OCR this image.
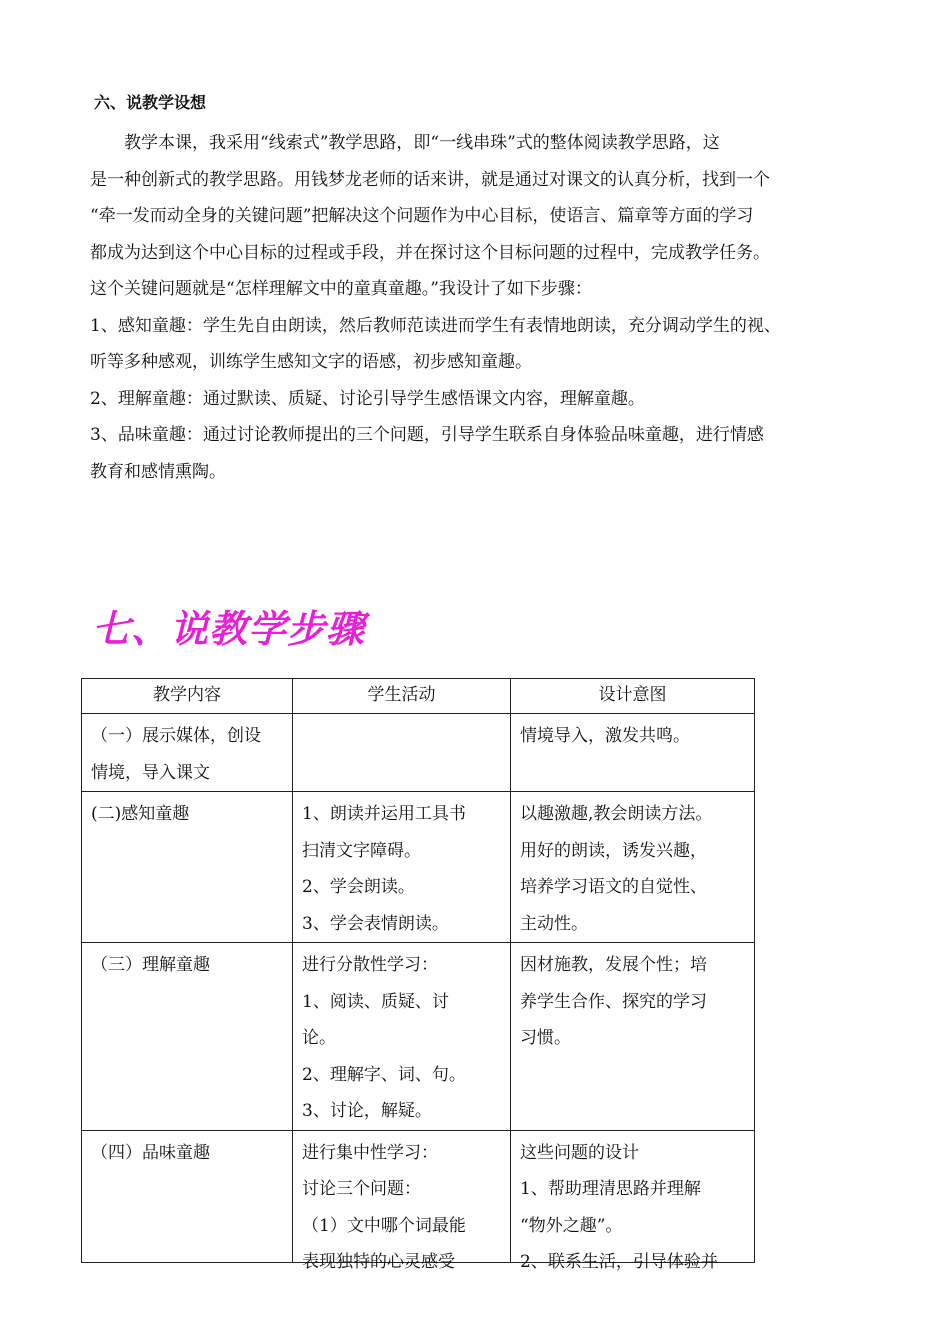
六、说教学设想
　　教学本课，我采用“线索式”教学思路，即“一线串珠”式的整体阅读教学思路，这
是一种创新式的教学思路。用钱梦龙老师的话来讲，就是通过对课文的认真分析，找到一个
“牵一发而动全身的关键问题”把解决这个问题作为中心目标，使语言、篇章等方面的学习
都成为达到这个中心目标的过程或手段，并在探讨这个目标问题的过程中，完成教学任务。
这个关键问题就是“怎样理解文中的童真童趣。”我设计了如下步骤：
1、感知童趣：学生先自由朗读，然后教师范读进而学生有表情地朗读，充分调动学生的视、
听等多种感观，训练学生感知文字的语感，初步感知童趣。
2、理解童趣：通过默读、质疑、讨论引导学生感悟课文内容，理解童趣。
3、品味童趣：通过讨论教师提出的三个问题，引导学生联系自身体验品味童趣，进行情感
教育和感情熏陶。
七、说教学步骤
教学内容	学生活动	设计意图

（一）展示媒体，创设
情境，导入课文		情境导入，激发共鸣。

(二)感知童趣	1、朗读并运用工具书
扫清文字障碍。
2、学会朗读。
3、学会表情朗读。	以趣激趣,教会朗读方法。
用好的朗读，诱发兴趣，
培养学习语文的自觉性、
主动性。

（三）理解童趣	进行分散性学习：
1、阅读、质疑、讨
论。
2、理解字、词、句。
3、讨论，解疑。	因材施教，发展个性；培
养学生合作、探究的学习
习惯。

（四）品味童趣	进行集中性学习：
讨论三个问题：
（1）文中哪个词最能
表现独特的心灵感受	这些问题的设计
1、帮助理清思路并理解
“物外之趣”。
2、联系生活，引导体验并
